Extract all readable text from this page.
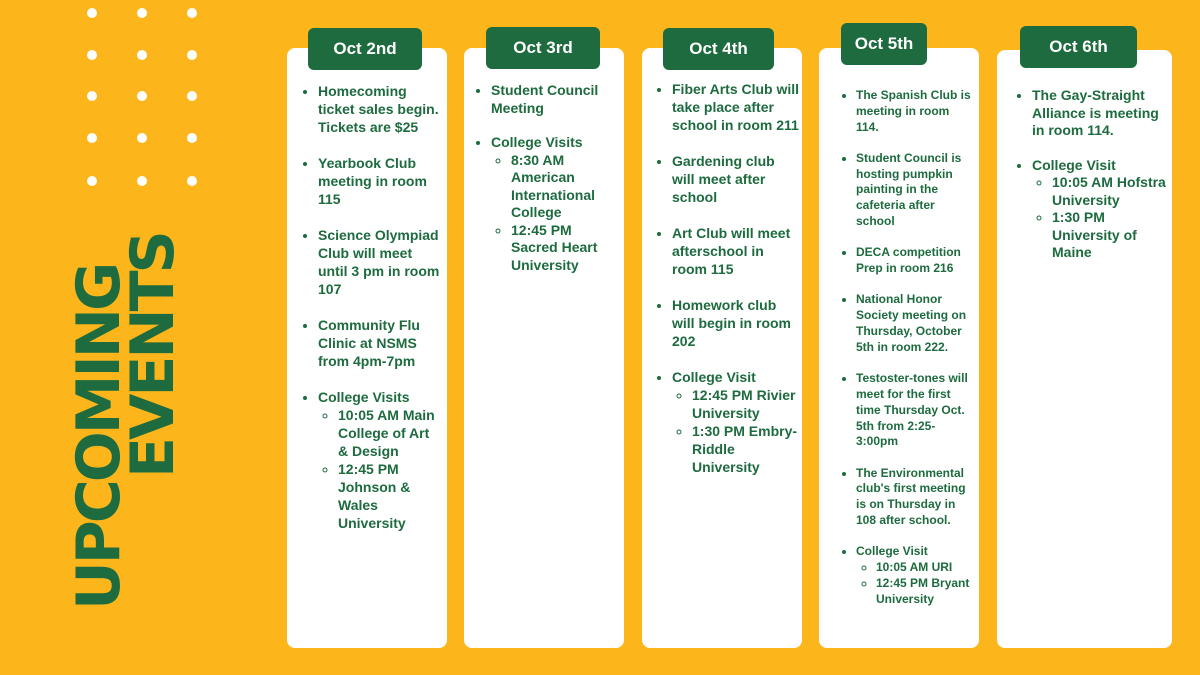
UPCOMING
EVENTS
Oct 2nd
• Homecoming ticket sales begin. Tickets are $25
• Yearbook Club meeting in room 115
• Science Olympiad Club will meet until 3 pm in room 107
• Community Flu Clinic at NSMS from 4pm-7pm
• College Visits
◦ 10:05 AM Main College of Art & Design
◦ 12:45 PM Johnson & Wales University
Oct 3rd
• Student Council Meeting
• College Visits
◦ 8:30 AM American International College
◦ 12:45 PM Sacred Heart University
Oct 4th
• Fiber Arts Club will take place after school in room 211
• Gardening club will meet after school
• Art Club will meet afterschool in room 115
• Homework club will begin in room 202
• College Visit
◦ 12:45 PM Rivier University
◦ 1:30 PM Embry-Riddle University
Oct 5th
• The Spanish Club is meeting in room 114.
• Student Council is hosting pumpkin painting in the cafeteria after school
• DECA competition Prep in room 216
• National Honor Society meeting on Thursday, October 5th in room 222.
• Testoster-tones will meet for the first time Thursday Oct. 5th from 2:25-3:00pm
• The Environmental club's first meeting is on Thursday in 108 after school.
• College Visit
◦ 10:05 AM URI
◦ 12:45 PM Bryant University
Oct 6th
• The Gay-Straight Alliance is meeting in room 114.
• College Visit
◦ 10:05 AM Hofstra University
◦ 1:30 PM University of Maine
